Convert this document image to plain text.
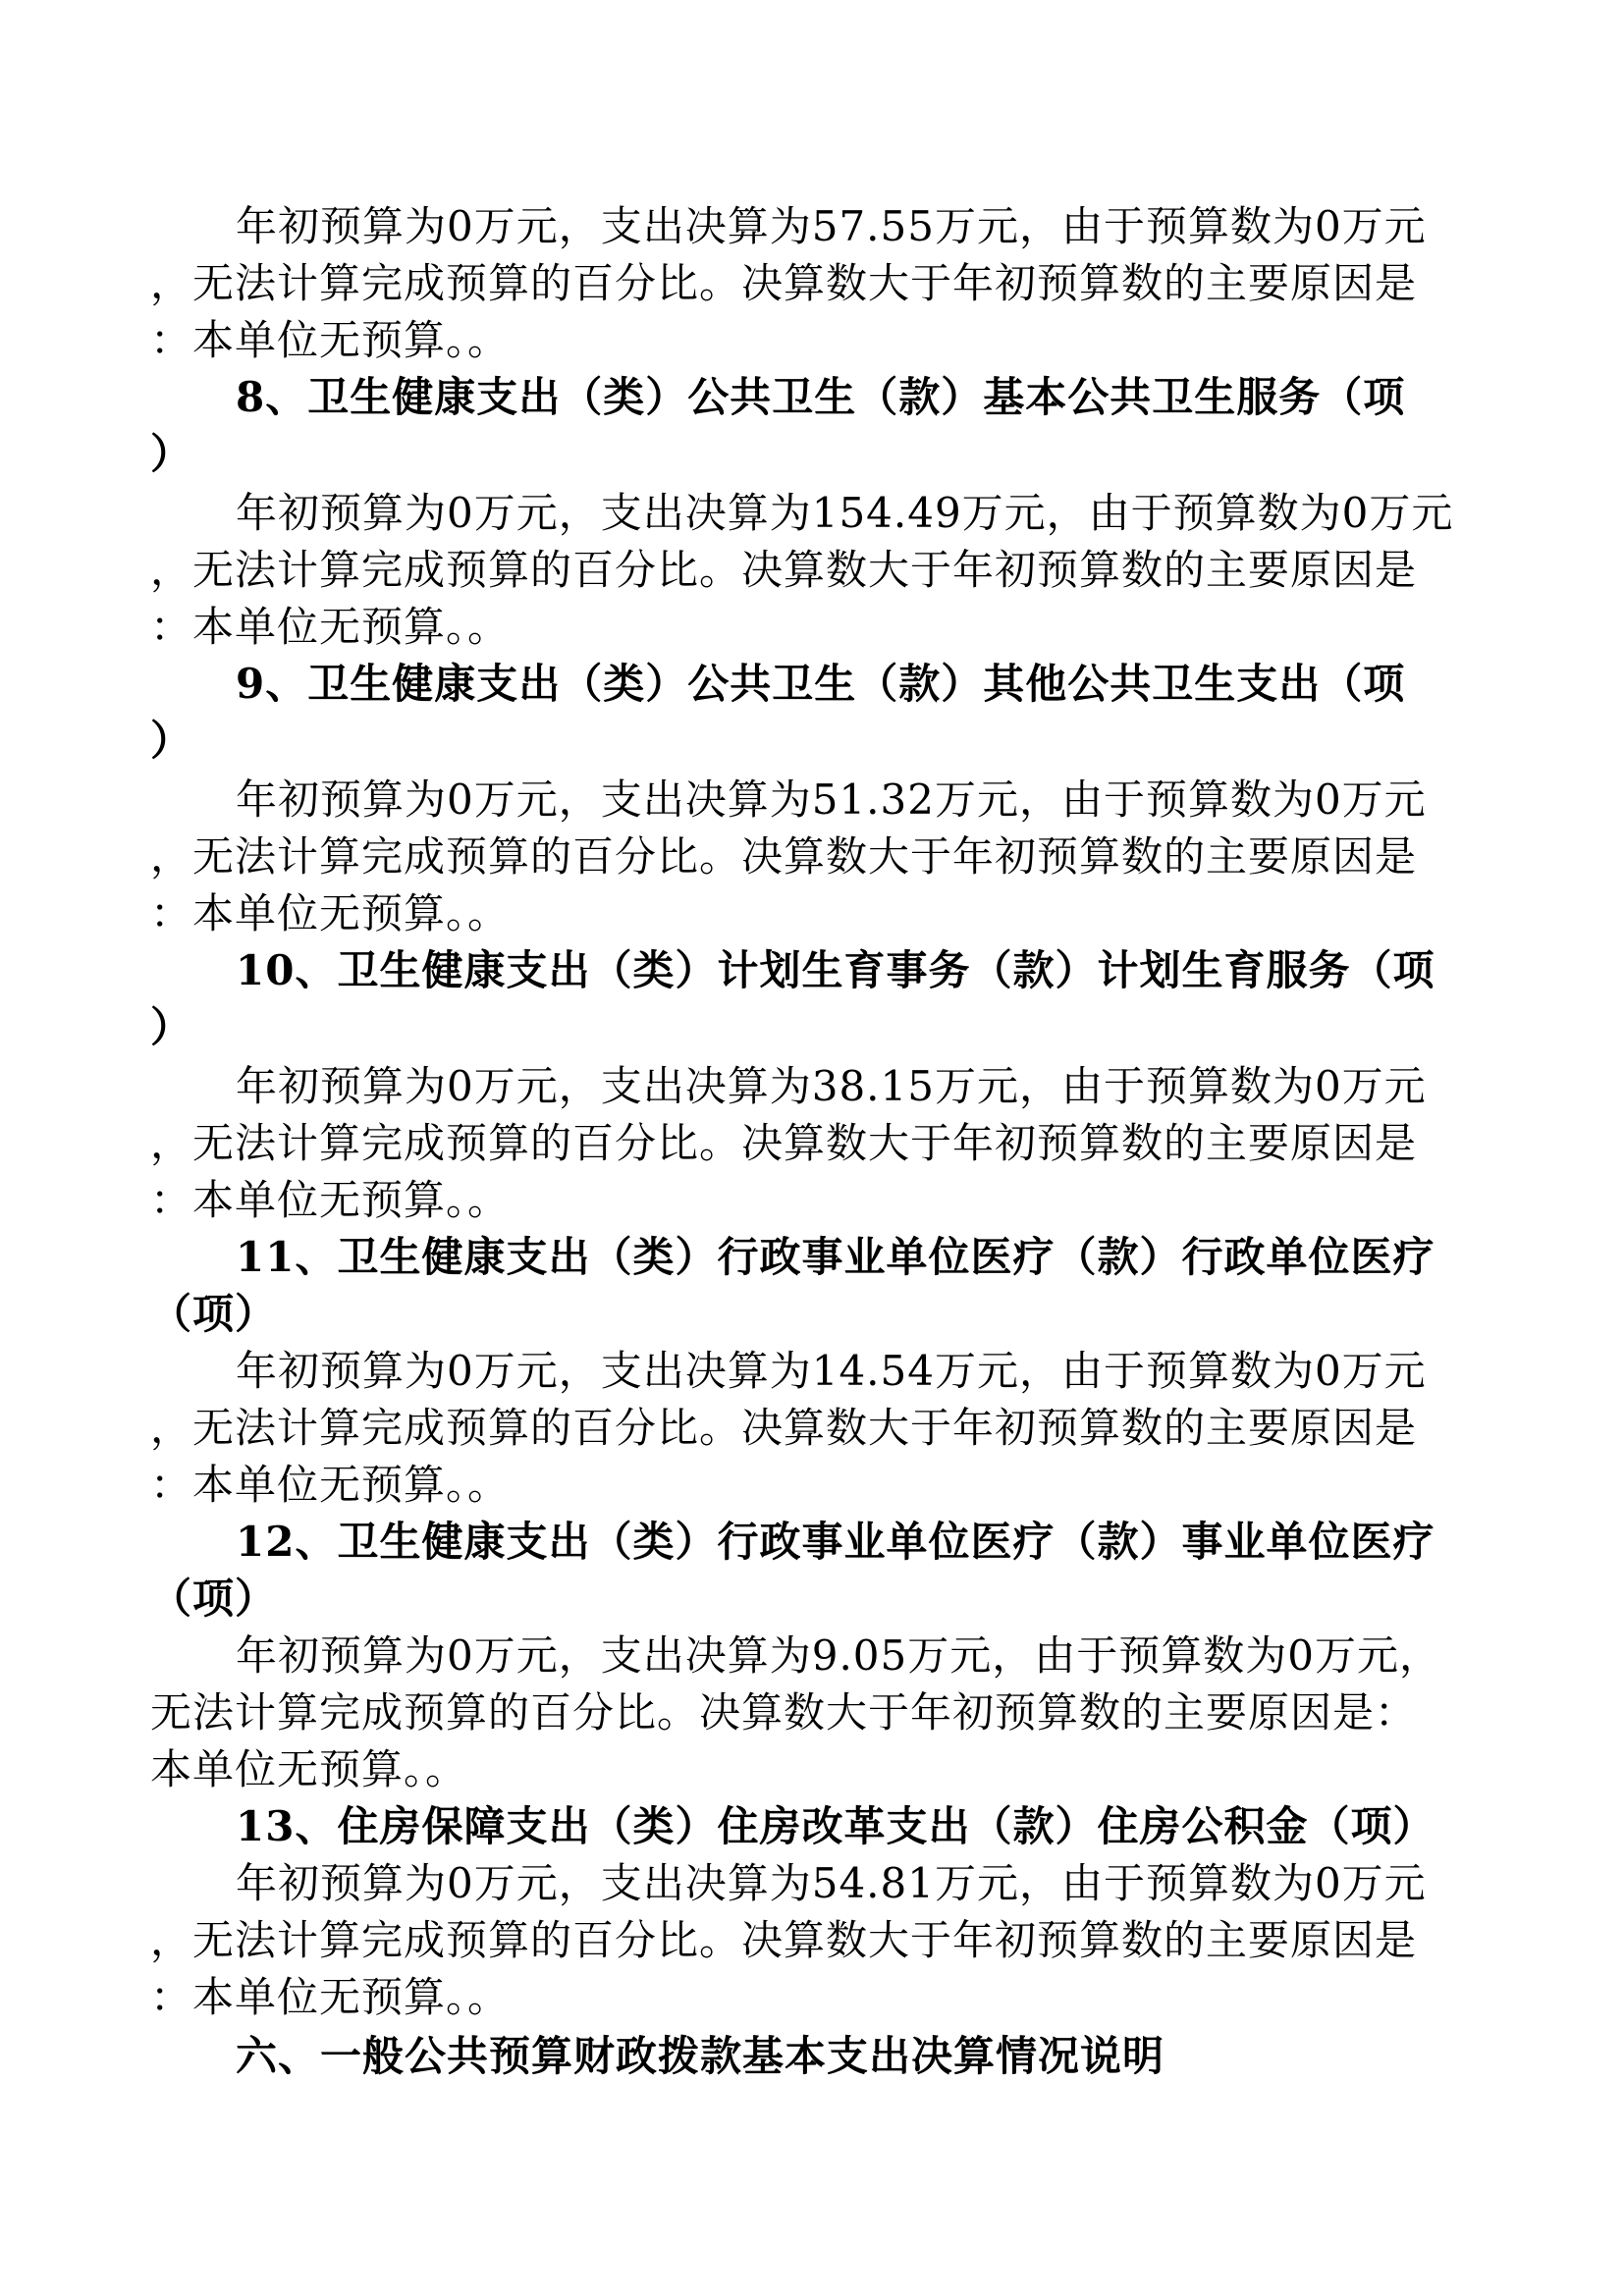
年初预算为0万元，支出决算为57.55万元，由于预算数为0万元
，无法计算完成预算的百分比。决算数大于年初预算数的主要原因是
：本单位无预算。。
8、卫生健康支出（类）公共卫生（款）基本公共卫生服务（项
）
年初预算为0万元，支出决算为154.49万元，由于预算数为0万元
，无法计算完成预算的百分比。决算数大于年初预算数的主要原因是
：本单位无预算。。
9、卫生健康支出（类）公共卫生（款）其他公共卫生支出（项
）
年初预算为0万元，支出决算为51.32万元，由于预算数为0万元
，无法计算完成预算的百分比。决算数大于年初预算数的主要原因是
：本单位无预算。。
10、卫生健康支出（类）计划生育事务（款）计划生育服务（项
）
年初预算为0万元，支出决算为38.15万元，由于预算数为0万元
，无法计算完成预算的百分比。决算数大于年初预算数的主要原因是
：本单位无预算。。
11、卫生健康支出（类）行政事业单位医疗（款）行政单位医疗
（项）
年初预算为0万元，支出决算为14.54万元，由于预算数为0万元
，无法计算完成预算的百分比。决算数大于年初预算数的主要原因是
：本单位无预算。。
12、卫生健康支出（类）行政事业单位医疗（款）事业单位医疗
（项）
年初预算为0万元，支出决算为9.05万元，由于预算数为0万元，
无法计算完成预算的百分比。决算数大于年初预算数的主要原因是：
本单位无预算。。
13、住房保障支出（类）住房改革支出（款）住房公积金（项）
年初预算为0万元，支出决算为54.81万元，由于预算数为0万元
，无法计算完成预算的百分比。决算数大于年初预算数的主要原因是
：本单位无预算。。
六、一般公共预算财政拨款基本支出决算情况说明
